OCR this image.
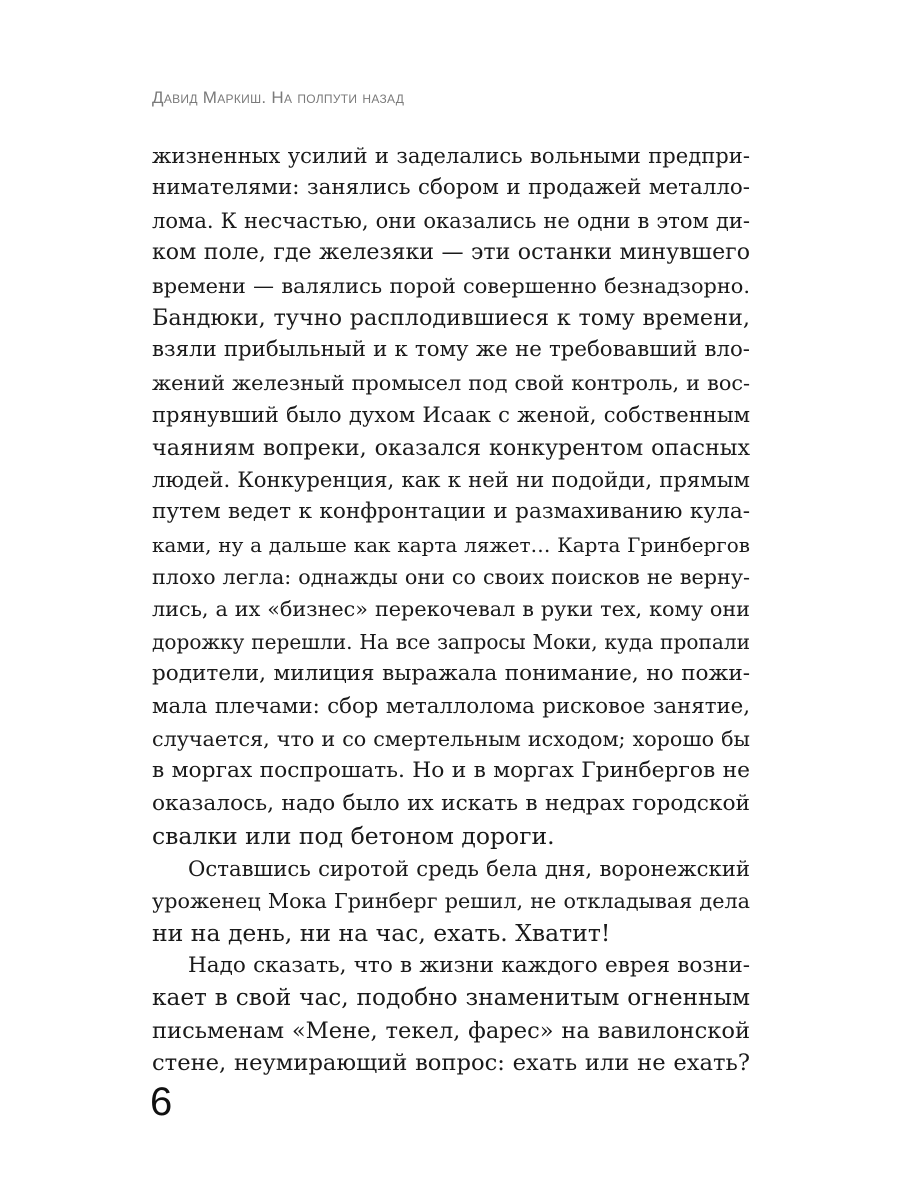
Давид Маркиш. На полпути назад
жизненных усилий и заделались вольными предпри-
нимателями: занялись сбором и продажей металло-
лома. К несчастью, они оказались не одни в этом ди-
ком поле, где железяки — эти останки минувшего
времени — валялись порой совершенно безнадзорно.
Бандюки, тучно расплодившиеся к тому времени,
взяли прибыльный и к тому же не требовавший вло-
жений железный промысел под свой контроль, и вос-
прянувший было духом Исаак с женой, собственным
чаяниям вопреки, оказался конкурентом опасных
людей. Конкуренция, как к ней ни подойди, прямым
путем ведет к конфронтации и размахиванию кула-
ками, ну а дальше как карта ляжет… Карта Гринбергов
плохо легла: однажды они со своих поисков не верну-
лись, а их «бизнес» перекочевал в руки тех, кому они
дорожку перешли. На все запросы Моки, куда пропали
родители, милиция выражала понимание, но пожи-
мала плечами: сбор металлолома рисковое занятие,
случается, что и со смертельным исходом; хорошо бы
в моргах поспрошать. Но и в моргах Гринбергов не
оказалось, надо было их искать в недрах городской
свалки или под бетоном дороги.
Оставшись сиротой средь бела дня, воронежский
уроженец Мока Гринберг решил, не откладывая дела
ни на день, ни на час, ехать. Хватит!
Надо сказать, что в жизни каждого еврея возни-
кает в свой час, подобно знаменитым огненным
письменам «Мене, текел, фарес» на вавилонской
стене, неумирающий вопрос: ехать или не ехать?
6
